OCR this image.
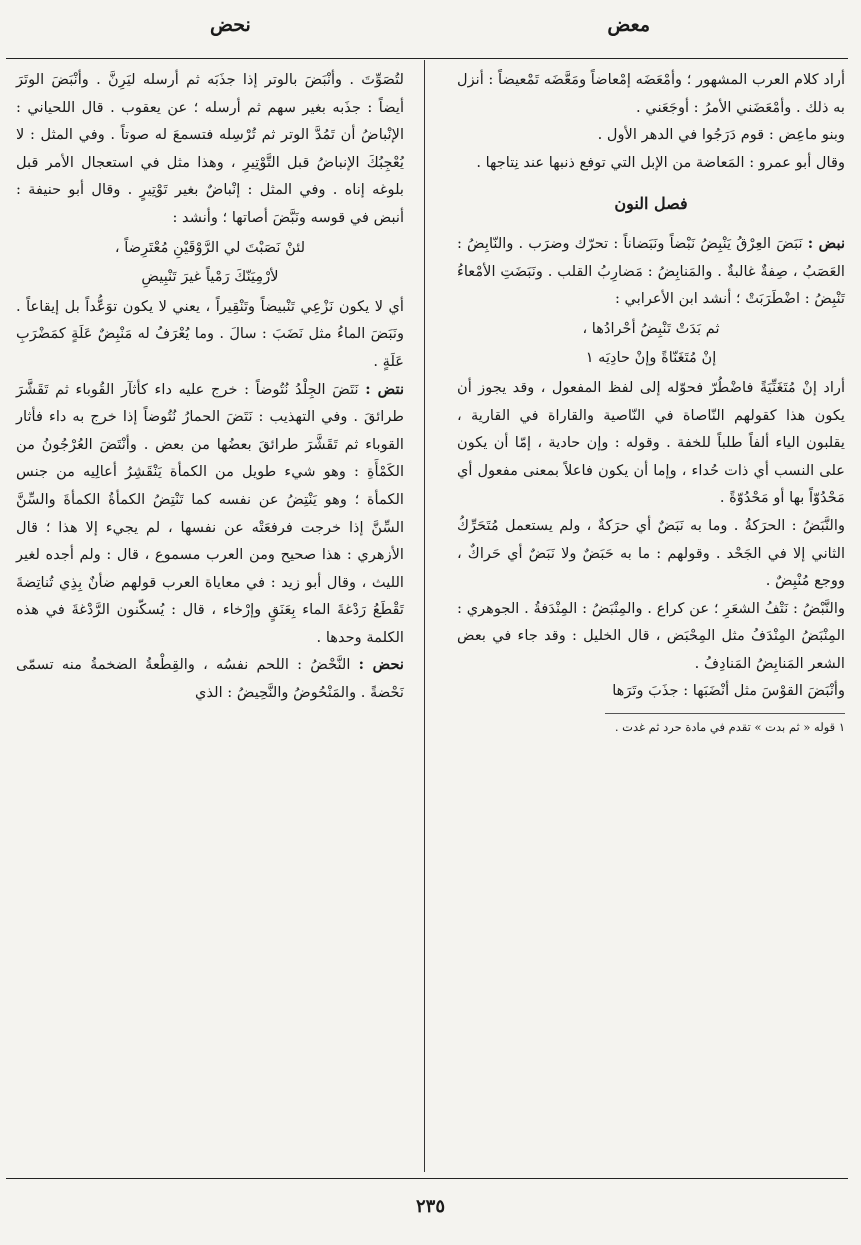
معض
نحض

أراد كلام العرب المشهور ؛ وأمْعَضَه إمْعاضاً ومَعَّضَه تَمْعيضاً : أنزل به ذلك . وأمْعَضَني الأمرُ : أوجَعَني .

وبنو ماعِض : قوم دَرَجُوا في الدهر الأول .

وقال أبو عمرو : المَعاضة من الإبل التي توفع ذنبها عند نِتاجها .

فصل النون

نبض : نَبَضَ العِرْقُ يَنْبِضُ نَبْضاً ونَبَضاناً : تحرّك وضرَب . والنّابِضُ : العَصَبُ ، صِفةٌ غالبةٌ . والمَنابِضُ : مَضارِبُ القلب . ونَبَضَتِ الأمْعاءُ تَنْبِضُ : اضْطَرَبَتْ ؛ أنشد ابن الأعرابي :

ثم بَدَتْ تَنْبِضُ أحْرادُها ،
إنْ مُتَغَنّاةً وإنْ حادِيَه ١

أراد إنْ مُتَغَنِّيَةً فاضْطُرّ فحوّله إلى لفظ المفعول ، وقد يجوز أن يكون هذا كقولهم النّاصاة في النّاصية والقاراة في القارية ، يقلبون الياء ألفاً طلباً للخفة . وقوله : وإن حادية ، إمّا أن يكون على النسب أي ذات حُداء ، وإما أن يكون فاعلاً بمعنى مفعول أي مَحْدُوّاً بها أو مَحْدُوّةً .

والنَّبَضُ : الحرَكةُ . وما به نَبَضٌ أي حرَكةٌ ، ولم يستعمل مُتَحَرِّكُ الثاني إلا في الجَحْد . وقولهم : ما به حَبَضٌ ولا نَبَضٌ أي حَراكٌ ، ووجع مُنْبِضٌ .

والنَّبْضُ : نَتْفُ الشعَرِ ؛ عن كراع . والمِنْبَضُ : المِنْدَفةُ . الجوهري : المِنْبَضُ المِنْدَفُ مثل المِحْبَض ، قال الخليل : وقد جاء في بعض الشعر المَنابِضُ المَنادِفُ .

وأنْبَضَ القوْسَ مثل أنْضَبَها : جذَبَ وتَرَها

١ قوله « ثم بدت » تقدم في مادة حرد ثم غدت .

لتُصَوِّتَ . وأنْبَضَ بالوتر إذا جذَبَه ثم أرسله ليَرِنَّ . وأنْبَضَ الوتَرَ أيضاً : جذَبه بغير سهم ثم أرسله ؛ عن يعقوب . قال اللحياني : الإنْباضُ أن تَمُدَّ الوتر ثم تُرْسِله فتسمعَ له صوتاً . وفي المثل : لا يُعْجِبُكَ الإنباضُ قبل التَّوْتِيرِ ، وهذا مثل في استعجال الأمر قبل بلوغه إناه . وفي المثل : إنْباضٌ بغير تَوْتِيرٍ . وقال أبو حنيفة : أنبض في قوسه ونَبَّضَ أصاتها ؛ وأنشد :

لئنْ نَصَبْتَ لي الرَّوْقَيْنِ مُعْتَرِضاً ،
لأرْمِيَنّكَ رَمْياً غيرَ تَنْبِيضِ

أي لا يكون نَزْعِي تَنْبيضاً وتَنْقِيراً ، يعني لا يكون توَعُّداً بل إيقاعاً . ونَبَضَ الماءُ مثل نَضَبَ : سالَ . وما يُعْرَفُ له مَنْبِضٌ عَلَةٍ كمَضْرَبِ عَلَةٍ .

نتض : نَتَضَ الجِلْدُ نُتُوضاً : خرج عليه داء كأثآر القُوباء ثم تَقَشَّرَ طرائقَ . وفي التهذيب : نَتَضَ الحمارُ نُتُوضاً إذا خرج به داء فأثار القوباء ثم تَقَشَّرَ طرائقَ بعضُها من بعض . وأنْتَضَ العُرْجُونُ من الكَمْأَةِ : وهو شيء طويل من الكمأة يَنْقَشِرُ أعالِيه من جنس الكمأة ؛ وهو يَنْتِضُ عن نفسه كما تَنْتِضُ الكمأةُ الكمأةَ والسِّنَّ السِّنَّ إذا خرجت فرفعَتْه عن نفسها ، لم يجيء إلا هذا ؛ قال الأزهري : هذا صحيح ومن العرب مسموع ، قال : ولم أجده لغير الليث ، وقال أبو زيد : في معاياة العرب قولهم ضأنٌ بِذِي تُناتِضةَ تَقْطَعُ رَدْغةَ الماء بِعَنَقٍ وإرْخاء ، قال : يُسكّنون الرَّدْغةَ في هذه الكلمة وحدها .

نحض : النَّحْضُ : اللحم نفسُه ، والقِطْعةُ الضخمةُ منه تسمّى نَحْضةً . والمَنْحُوضُ والنَّحِيضُ : الذي

٢٣٥
